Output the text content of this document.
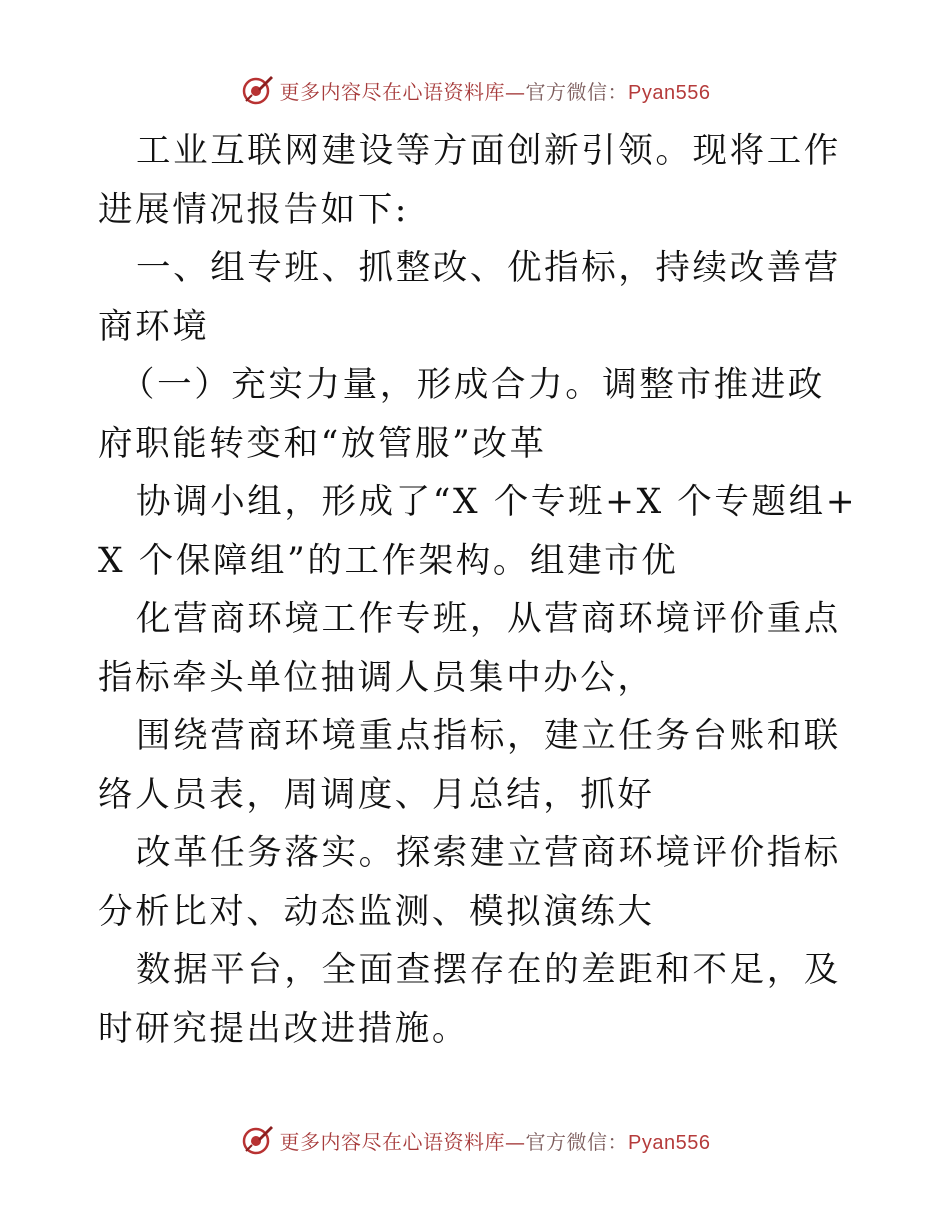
更多内容尽在心语资料库—官方微信：Pyan556

工业互联网建设等方面创新引领。现将工作进展情况报告如下:

一、组专班、抓整改、优指标，持续改善营商环境

（一）充实力量，形成合力。调整市推进政府职能转变和“放管服”改革

协调小组，形成了“X 个专班+X 个专题组+X 个保障组”的工作架构。组建市优

化营商环境工作专班，从营商环境评价重点指标牵头单位抽调人员集中办公，

围绕营商环境重点指标，建立任务台账和联络人员表，周调度、月总结，抓好

改革任务落实。探索建立营商环境评价指标分析比对、动态监测、模拟演练大

数据平台，全面查摆存在的差距和不足，及时研究提出改进措施。

更多内容尽在心语资料库—官方微信：Pyan556
